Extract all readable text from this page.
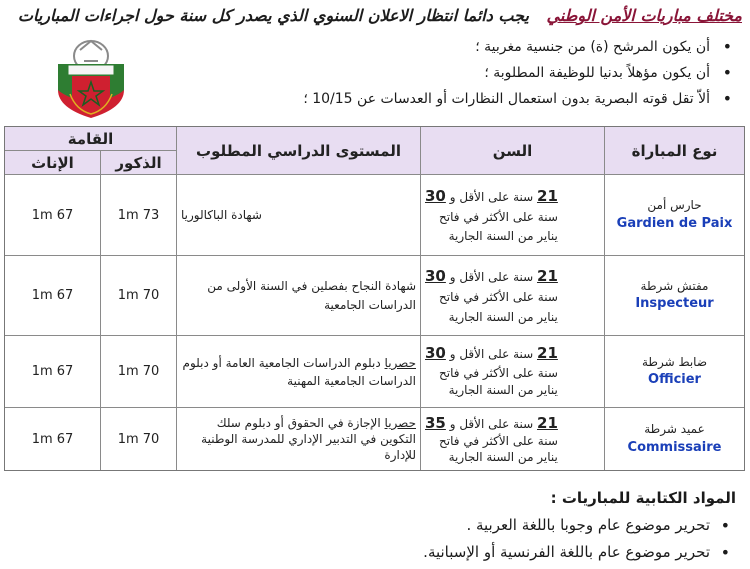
مختلف مباريات الأمن الوطني يجب دائما انتظار الاعلان السنوي الذي يصدر كل سنة حول اجراءات المباريات
• أن يكون المرشح (ة) من جنسية مغربية ؛
• أن يكون مؤهلاً بدنيا للوظيفة المطلوبة ؛
• ألاّ تقل قوته البصرية بدون استعمال النظارات أو العدسات عن 10/15 ؛
نوع المباراة
السن
المستوى الدراسي المطلوب
القامة
الذكور
الإناث
حارس أمن
Gardien de Paix
21 سنة على الأقل و 30
سنة على الأكثر في فاتح
يناير من السنة الجارية
شهادة الباكالوريا
1m 73
1m 67
مفتش شرطة
Inspecteur
21 سنة على الأقل و 30
سنة على الأكثر في فاتح
يناير من السنة الجارية
شهادة النجاح بفصلين في السنة الأولى من الدراسات الجامعية
1m 70
1m 67
ضابط شرطة
Officier
21 سنة على الأقل و 30
سنة على الأكثر في فاتح
يناير من السنة الجارية
حصريا دبلوم الدراسات الجامعية العامة أو دبلوم الدراسات الجامعية المهنية
1m 70
1m 67
عميد شرطة
Commissaire
21 سنة على الأقل و 35
سنة على الأكثر في فاتح
يناير من السنة الجارية
حصريا الإجازة في الحقوق أو دبلوم سلك التكوين في التدبير الإداري للمدرسة الوطنية للإدارة
1m 70
1m 67
المواد الكتابية للمباريات :
• تحرير موضوع عام وجوبا باللغة العربية .
• تحرير موضوع عام باللغة الفرنسية أو الإسبانية.
